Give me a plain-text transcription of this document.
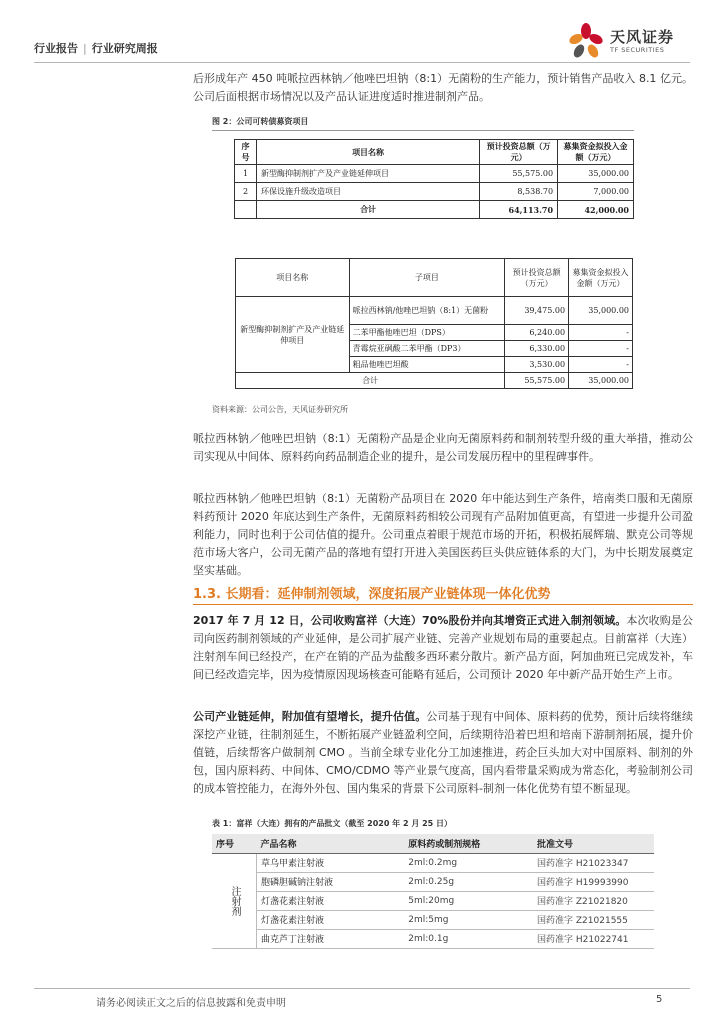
行业报告 | 行业研究周报
天风证券
TF SECURITIES
后形成年产 450 吨哌拉西林钠／他唑巴坦钠（8:1）无菌粉的生产能力，预计销售产品收入 8.1 亿元。公司后面根据市场情况以及产品认证进度适时推进制剂产品。
图 2：公司可转债募资项目
序号	项目名称	预计投资总额（万元）	募集资金拟投入金额（万元）
1	新型酶抑制剂扩产及产业链延伸项目	55,575.00	35,000.00
2	环保设施升级改造项目	8,538.70	7,000.00
	合计	64,113.70	42,000.00
项目名称	子项目	预计投资总额（万元）	募集资金拟投入金额（万元）
新型酶抑制剂扩产及产业链延伸项目	哌拉西林钠/他唑巴坦钠（8:1）无菌粉	39,475.00	35,000.00
	二苯甲酯他唑巴坦（DPS）	6,240.00	-
	青霉烷亚砜酸二苯甲酯（DP3）	6,330.00	-
	粗品他唑巴坦酸	3,530.00	-
合计		55,575.00	35,000.00
资料来源：公司公告，天风证券研究所
哌拉西林钠／他唑巴坦钠（8:1）无菌粉产品是企业向无菌原料药和制剂转型升级的重大举措，推动公司实现从中间体、原料药向药品制造企业的提升，是公司发展历程中的里程碑事件。
哌拉西林钠／他唑巴坦钠（8:1）无菌粉产品项目在 2020 年中能达到生产条件，培南类口服和无菌原料药预计 2020 年底达到生产条件，无菌原料药相较公司现有产品附加值更高，有望进一步提升公司盈利能力，同时也利于公司估值的提升。公司重点着眼于规范市场的开拓，积极拓展辉瑞、默克公司等规范市场大客户，公司无菌产品的落地有望打开进入美国医药巨头供应链体系的大门，为中长期发展奠定坚实基础。
1.3. 长期看：延伸制剂领域，深度拓展产业链体现一体化优势
2017 年 7 月 12 日，公司收购富祥（大连）70%股份并向其增资正式进入制剂领域。本次收购是公司向医药制剂领域的产业延伸，是公司扩展产业链、完善产业规划布局的重要起点。目前富祥（大连）注射剂车间已经投产，在产在销的产品为盐酸多西环素分散片。新产品方面，阿加曲班已完成发补，车间已经改造完毕，因为疫情原因现场核查可能略有延后，公司预计 2020 年中新产品开始生产上市。
公司产业链延伸，附加值有望增长，提升估值。公司基于现有中间体、原料药的优势，预计后续将继续深挖产业链，往制剂延生，不断拓展产业链盈利空间，后续期待沿着巴坦和培南下游制剂拓展，提升价值链，后续帮客户做制剂 CMO 。当前全球专业化分工加速推进，药企巨头加大对中国原料、制剂的外包，国内原料药、中间体、CMO/CDMO 等产业景气度高，国内看带量采购成为常态化，考验制剂公司的成本管控能力，在海外外包、国内集采的背景下公司原料-制剂一体化优势有望不断显现。
表 1：富祥（大连）拥有的产品批文（截至 2020 年 2 月 25 日）
序号	产品名称	原料药或制剂规格	批准文号
注射剂	草乌甲素注射液	2ml:0.2mg	国药准字 H21023347
	胞磷胆碱钠注射液	2ml:0.25g	国药准字 H19993990
	灯盏花素注射液	5ml:20mg	国药准字 Z21021820
	灯盏花素注射液	2ml:5mg	国药准字 Z21021555
	曲克芦丁注射液	2ml:0.1g	国药准字 H21022741
请务必阅读正文之后的信息披露和免责申明	5
